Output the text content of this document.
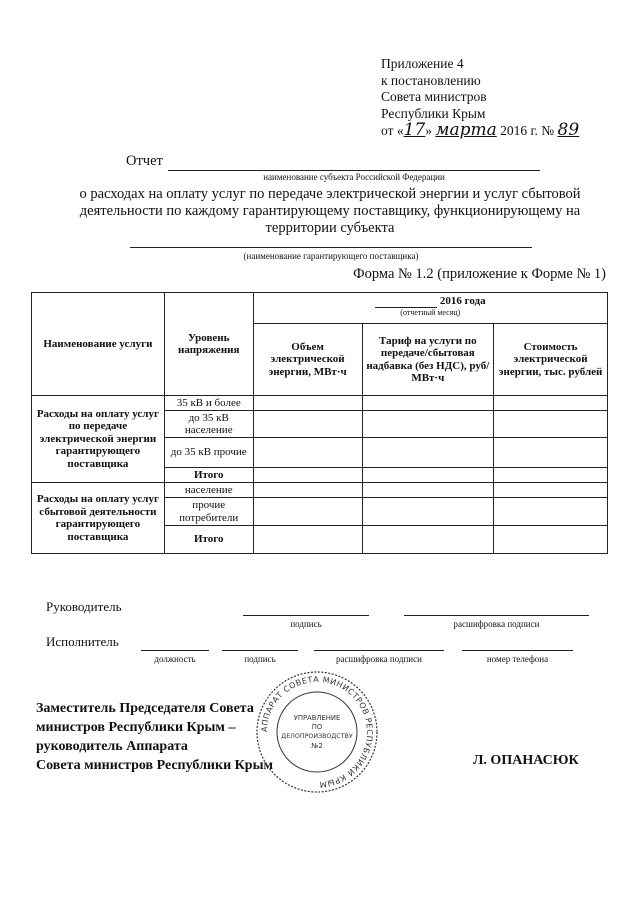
Приложение 4
к постановлению
Совета министров
Республики Крым
от «17» марта 2016 г. № 89
Отчет
наименование субъекта Российской Федерации
о расходах на оплату услуг по передаче электрической энергии и услуг сбытовой
деятельности по каждому гарантирующему поставщику, функционирующему на
территории субъекта
(наименование гарантирующего поставщика)
Форма № 1.2 (приложение к Форме № 1)
Наименование услуги	Уровень напряжения	2016 года
(отчетный месяц)		

		Объем электрической энергии, МВт·ч	Тариф на услуги по передаче/сбытовая надбавка (без НДС), руб/МВт·ч	Стоимость электрической энергии, тыс. рублей
Расходы на оплату услуг по передаче электрической энергии гарантирующего поставщика	35 кВ и более			
	до 35 кВ население			
	до 35 кВ прочие			
	Итого			
Расходы на оплату услуг сбытовой деятельности гарантирующего поставщика	население			
	прочие потребители			
	Итого			
Руководитель
подпись	расшифровка подписи
Исполнитель
должность	подпись	расшифровка подписи	номер телефона
Заместитель Председателя Совета
министров Республики Крым –
руководитель Аппарата
Совета министров Республики Крым	Л. ОПАНАСЮК
АППАРАТ СОВЕТА МИНИСТРОВ РЕСПУБЛИКИ КРЫМ
УПРАВЛЕНИЕ
ПО
ДЕЛОПРОИЗВОДСТВУ
№2
